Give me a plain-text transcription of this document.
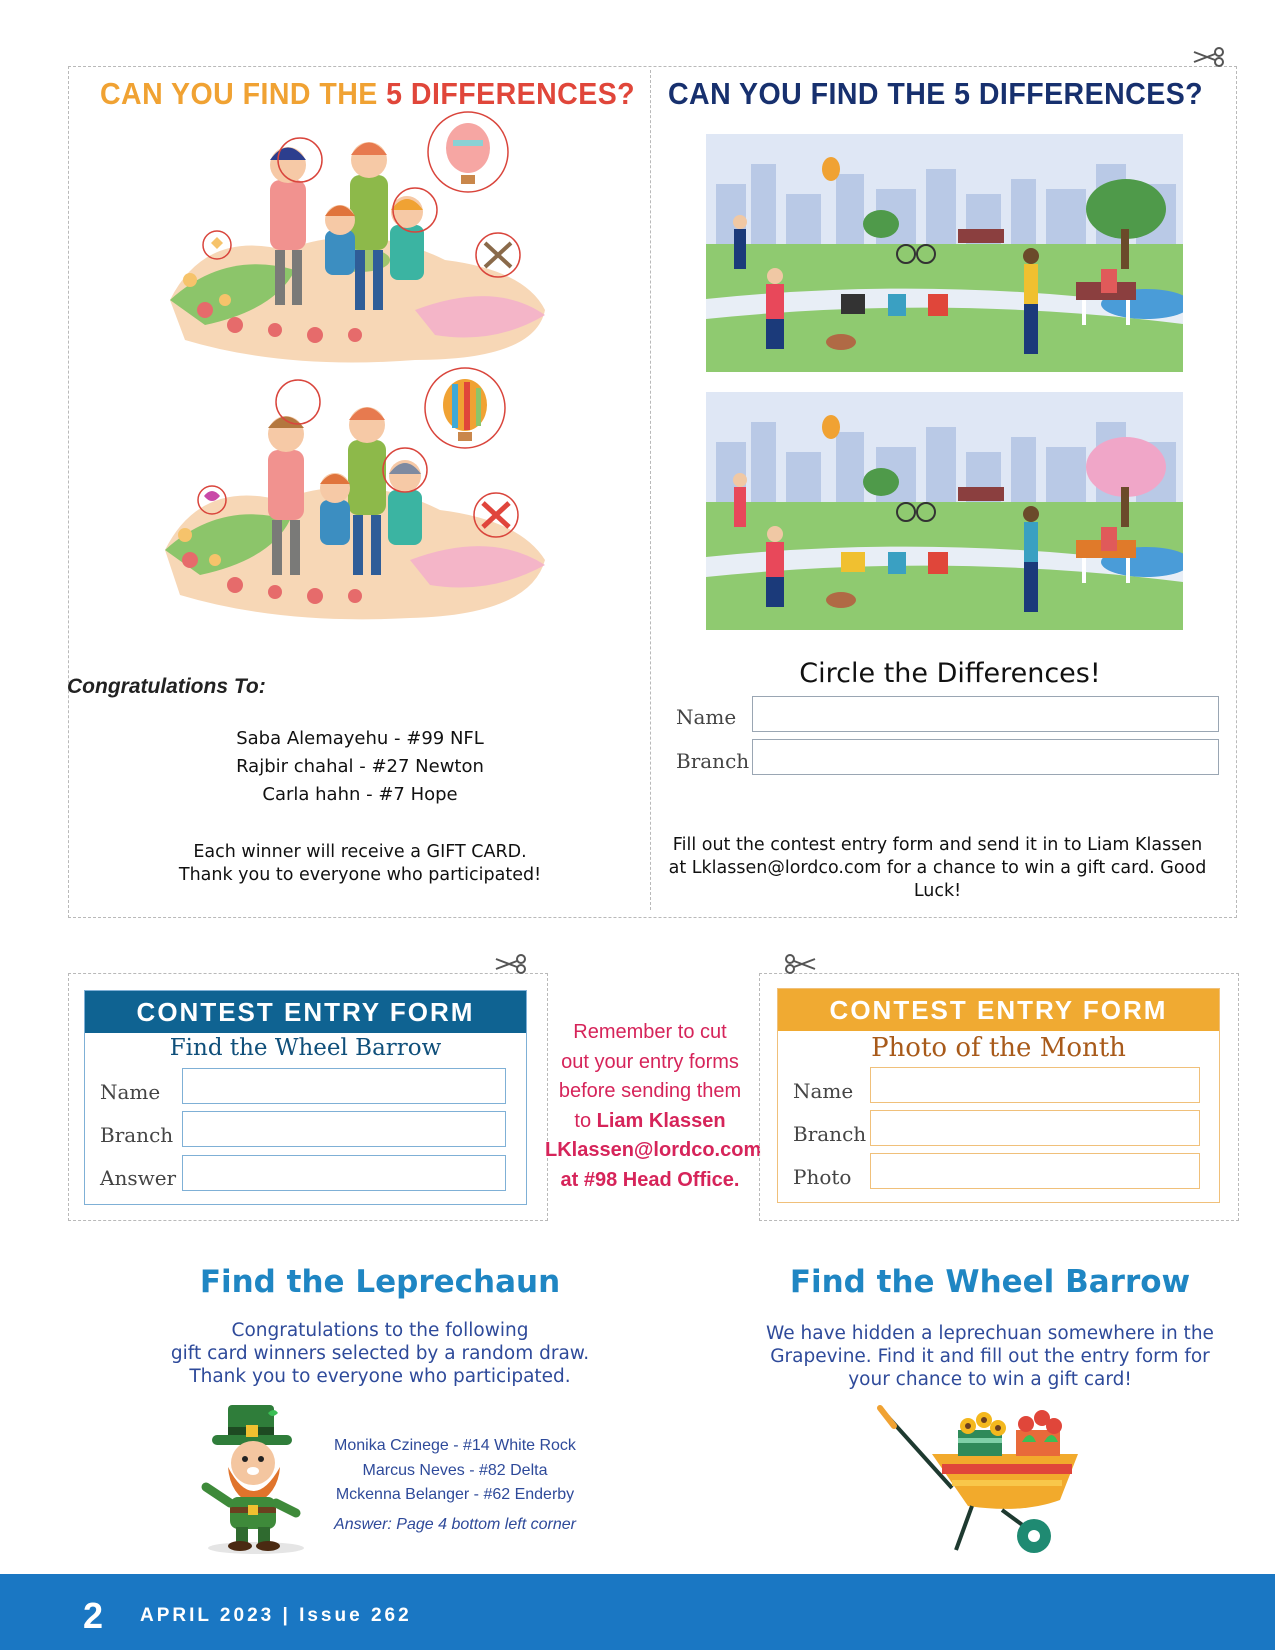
CAN YOU FIND THE 5 DIFFERENCES? CAN YOU FIND THE 5 DIFFERENCES?
Congratulations To:
Saba Alemayehu - #99 NFL
Rajbir chahal - #27 Newton
Carla hahn - #7 Hope
Each winner will receive a GIFT CARD.
Thank you to everyone who participated!
Circle the Differences!
Name
Branch
Fill out the contest entry form and send it in to Liam Klassen at Lklassen@lordco.com for a chance to win a gift card. Good Luck!
CONTEST ENTRY FORM
Find the Wheel Barrow
Name
Branch
Answer
Remember to cut
out your entry forms
before sending them
to Liam Klassen
LKlassen@lordco.com
at #98 Head Office.
CONTEST ENTRY FORM
Photo of the Month
Name
Branch
Photo
Find the Leprechaun
Congratulations to the following
gift card winners selected by a random draw.
Thank you to everyone who participated.
Monika Czinege - #14 White Rock
Marcus Neves - #82 Delta
Mckenna Belanger - #62 Enderby
Answer: Page 4 bottom left corner
Find the Wheel Barrow
We have hidden a leprechuan somewhere in the
Grapevine. Find it and fill out the entry form for
your chance to win a gift card!
2 APRIL 2023 | Issue 262
